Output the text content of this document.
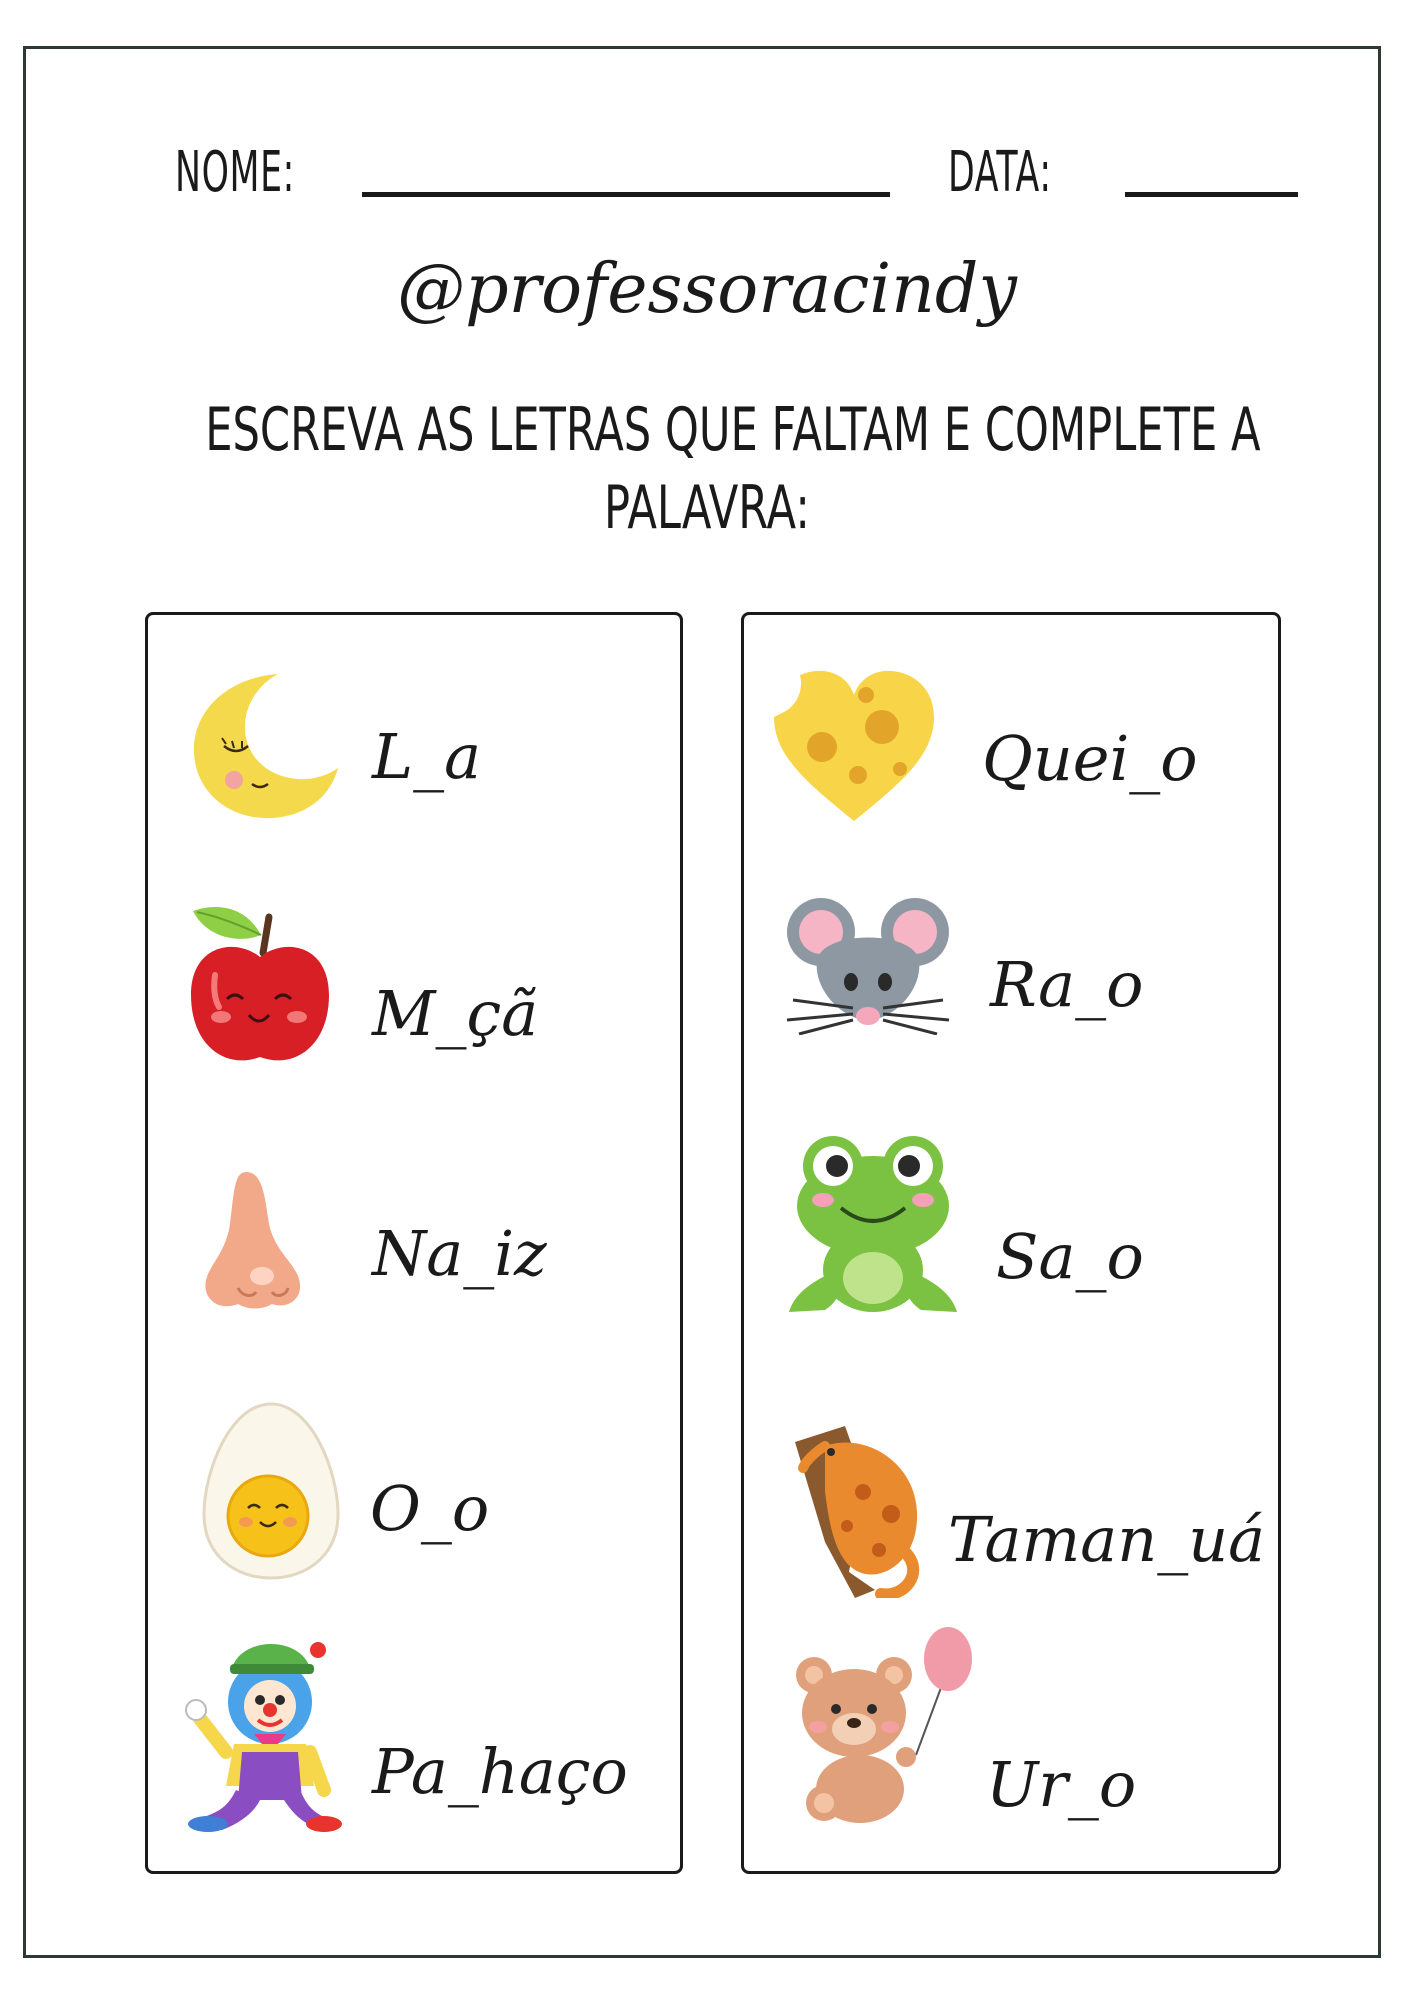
NOME:	DATA:
@professoracindy
ESCREVA AS LETRAS QUE FALTAM E COMPLETE A
PALAVRA:
L_a
M_çã
Na_iz
O_o
Pa_haço
Quei_o
Ra_o
Sa_o
Taman_uá
Ur_o
